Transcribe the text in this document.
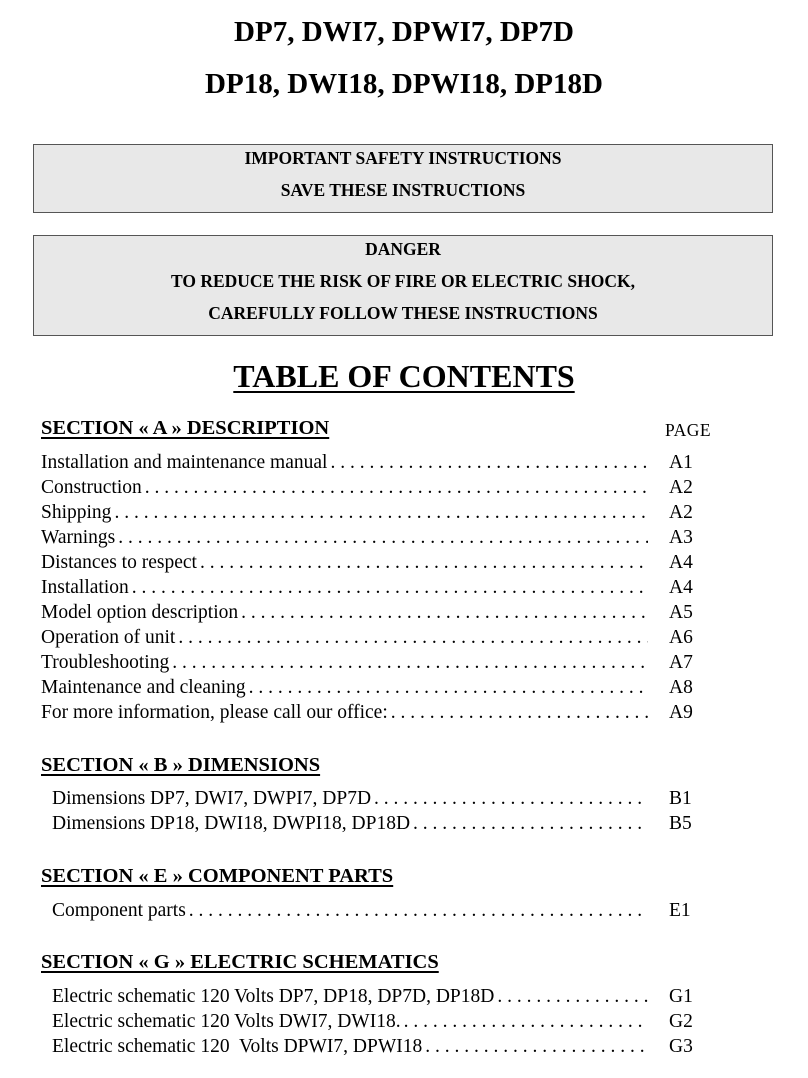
DP7, DWI7, DPWI7, DP7D
DP18, DWI18, DPWI18, DP18D
IMPORTANT SAFETY INSTRUCTIONS
SAVE THESE INSTRUCTIONS
DANGER
TO REDUCE THE RISK OF FIRE OR ELECTRIC SHOCK,
CAREFULLY FOLLOW THESE INSTRUCTIONS
TABLE OF CONTENTS
SECTION « A » DESCRIPTION	PAGE
Installation and maintenance manual . . .	A1
Construction . . .	A2
Shipping . . .	A2
Warnings . . .	A3
Distances to respect . . .	A4
Installation . . .	A4
Model option description . . .	A5
Operation of unit . . .	A6
Troubleshooting . . .	A7
Maintenance and cleaning . . .	A8
For more information, please call our office: . . .	A9
SECTION « B » DIMENSIONS
Dimensions DP7, DWI7, DWPI7, DP7D . . .	B1
Dimensions DP18, DWI18, DWPI18, DP18D . . .	B5
SECTION « E » COMPONENT PARTS
Component parts . . .	E1
SECTION « G » ELECTRIC SCHEMATICS
Electric schematic 120 Volts DP7, DP18, DP7D, DP18D . . .	G1
Electric schematic 120 Volts DWI7, DWI18. . . .	G2
Electric schematic 120  Volts DPWI7, DPWI18 . . .	G3
